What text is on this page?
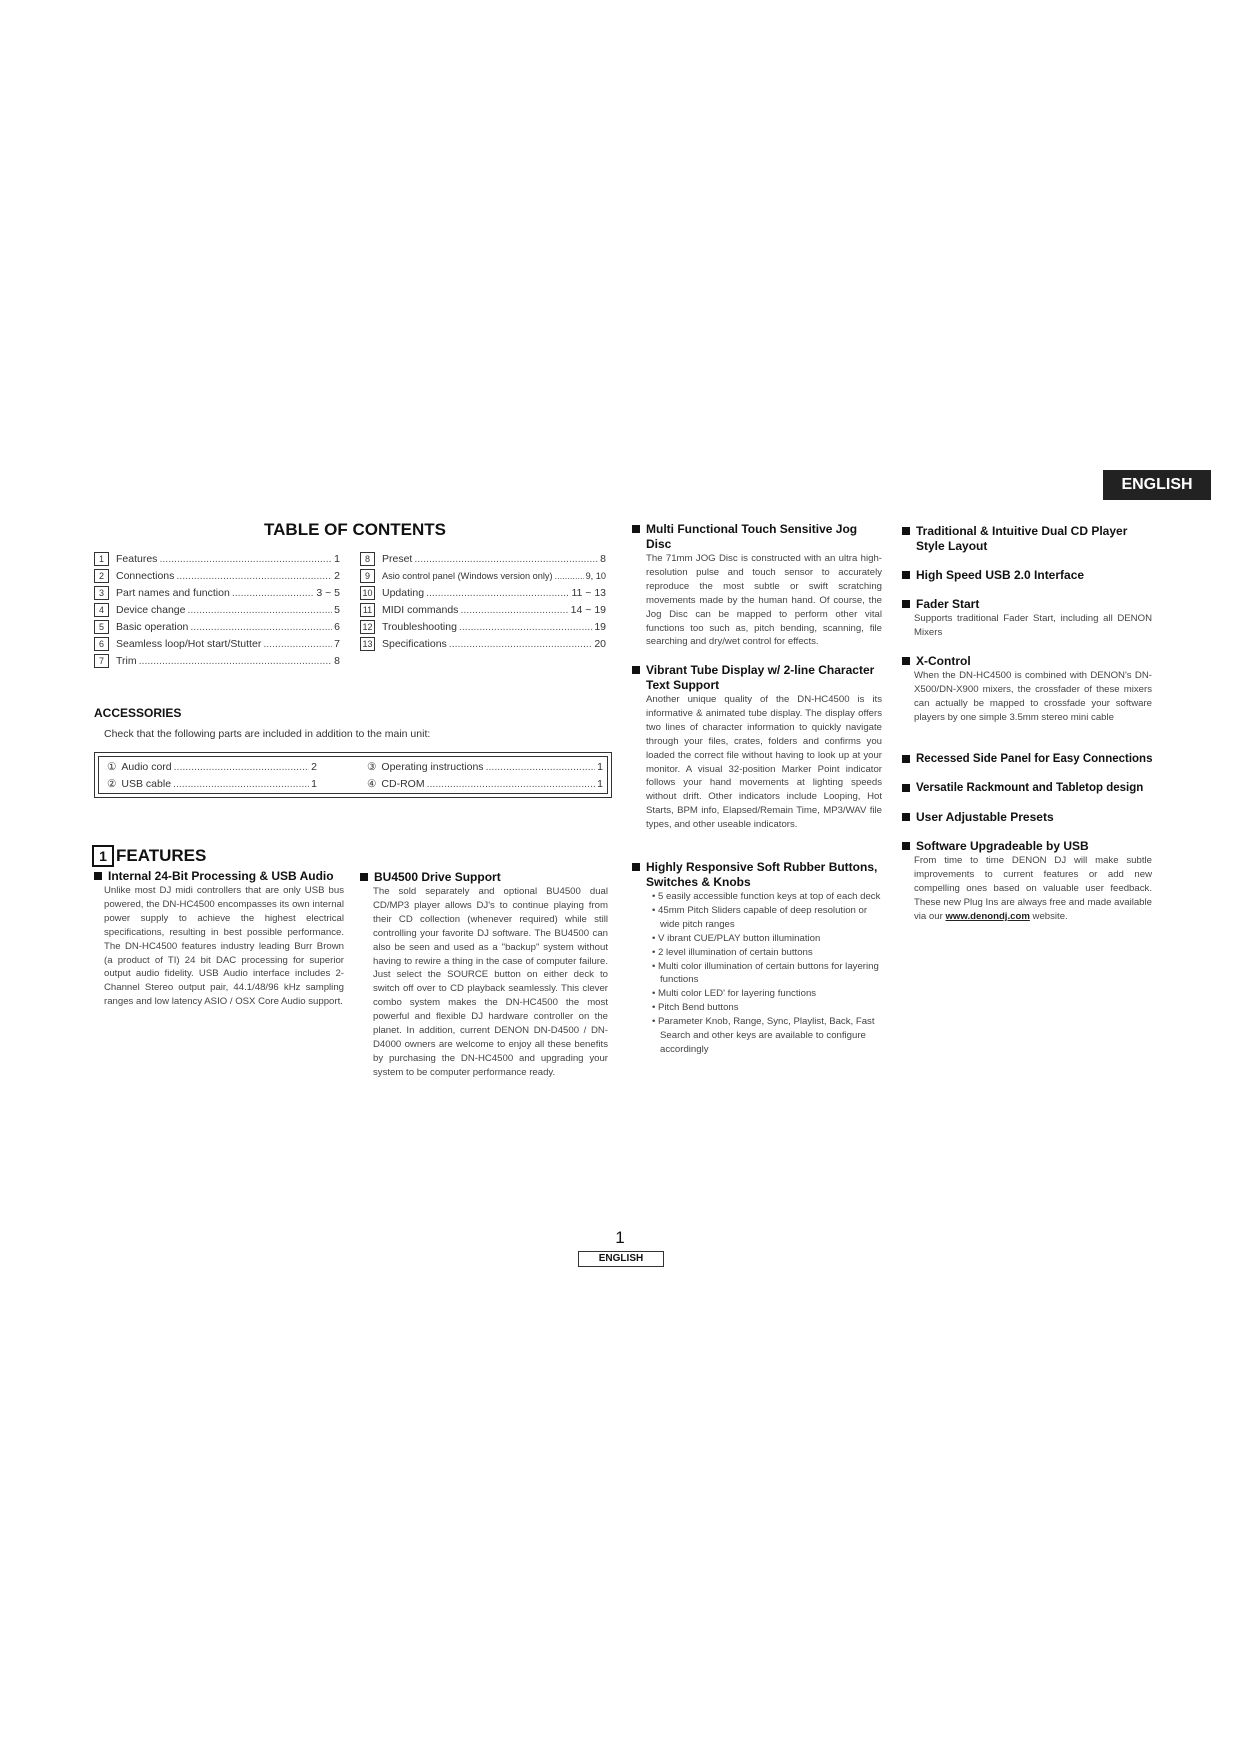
ENGLISH
TABLE OF CONTENTS
1	Features .....	1
2	Connections .....	2
3	Part names and function .....	3 ~ 5
4	Device change .....	5
5	Basic operation .....	6
6	Seamless loop/Hot start/Stutter .....	7
7	Trim .....	8
8	Preset .....	8
9	Asio control panel (Windows version only) .....	9, 10
10 Updating .....	11 ~ 13
11 MIDI commands .....	14 ~ 19
12 Troubleshooting .....	19
13 Specifications .....	20
ACCESSORIES
Check that the following parts are included in addition to the main unit:
① Audio cord .....	2
② USB cable .....	1
③ Operating instructions .....	1
④ CD-ROM .....	1
1 FEATURES
Internal 24-Bit Processing & USB Audio
Unlike most DJ midi controllers that are only USB bus powered, the DN-HC4500 encompasses its own internal power supply to achieve the highest electrical specifications, resulting in best possible performance. The DN-HC4500 features industry leading Burr Brown (a product of TI) 24 bit DAC processing for superior output audio fidelity. USB Audio interface includes 2-Channel Stereo output pair, 44.1/48/96 kHz sampling ranges and low latency ASIO / OSX Core Audio support.
BU4500 Drive Support
The sold separately and optional BU4500 dual CD/MP3 player allows DJ's to continue playing from their CD collection (whenever required) while still controlling your favorite DJ software. The BU4500 can also be seen and used as a "backup" system without having to rewire a thing in the case of computer failure. Just select the SOURCE button on either deck to switch off over to CD playback seamlessly. This clever combo system makes the DN-HC4500 the most powerful and flexible DJ hardware controller on the planet. In addition, current DENON DN-D4500 / DN-D4000 owners are welcome to enjoy all these benefits by purchasing the DN-HC4500 and upgrading your system to be computer performance ready.
Multi Functional Touch Sensitive Jog Disc
The 71mm JOG Disc is constructed with an ultra high-resolution pulse and touch sensor to accurately reproduce the most subtle or swift scratching movements made by the human hand. Of course, the Jog Disc can be mapped to perform other vital functions too such as, pitch bending, scanning, file searching and dry/wet control for effects.
Vibrant Tube Display w/ 2-line Character Text Support
Another unique quality of the DN-HC4500 is its informative & animated tube display. The display offers two lines of character information to quickly navigate through your files, crates, folders and confirms you loaded the correct file without having to look up at your monitor. A visual 32-position Marker Point indicator follows your hand movements at lighting speeds without drift. Other indicators include Looping, Hot Starts, BPM info, Elapsed/Remain Time, MP3/WAV file types, and other useable indicators.
Highly Responsive Soft Rubber Buttons, Switches & Knobs
• 5 easily accessible function keys at top of each deck
• 45mm Pitch Sliders capable of deep resolution or wide pitch ranges
• V ibrant CUE/PLAY button illumination
• 2 level illumination of certain buttons
• Multi color illumination of certain buttons for layering functions
• Multi color LED' for layering functions
• Pitch Bend buttons
• Parameter Knob, Range, Sync, Playlist, Back, Fast Search and other keys are available to configure accordingly
Traditional & Intuitive Dual CD Player Style Layout
High Speed USB 2.0 Interface
Fader Start
Supports traditional Fader Start, including all DENON Mixers
X-Control
When the DN-HC4500 is combined with DENON's DN-X500/DN-X900 mixers, the crossfader of these mixers can actually be mapped to crossfade your software players by one simple 3.5mm stereo mini cable
Recessed Side Panel for Easy Connections
Versatile Rackmount and Tabletop design
User Adjustable Presets
Software Upgradeable by USB
From time to time DENON DJ will make subtle improvements to current features or add new compelling ones based on valuable user feedback. These new Plug Ins are always free and made available via our www.denondj.com website.
1
ENGLISH
